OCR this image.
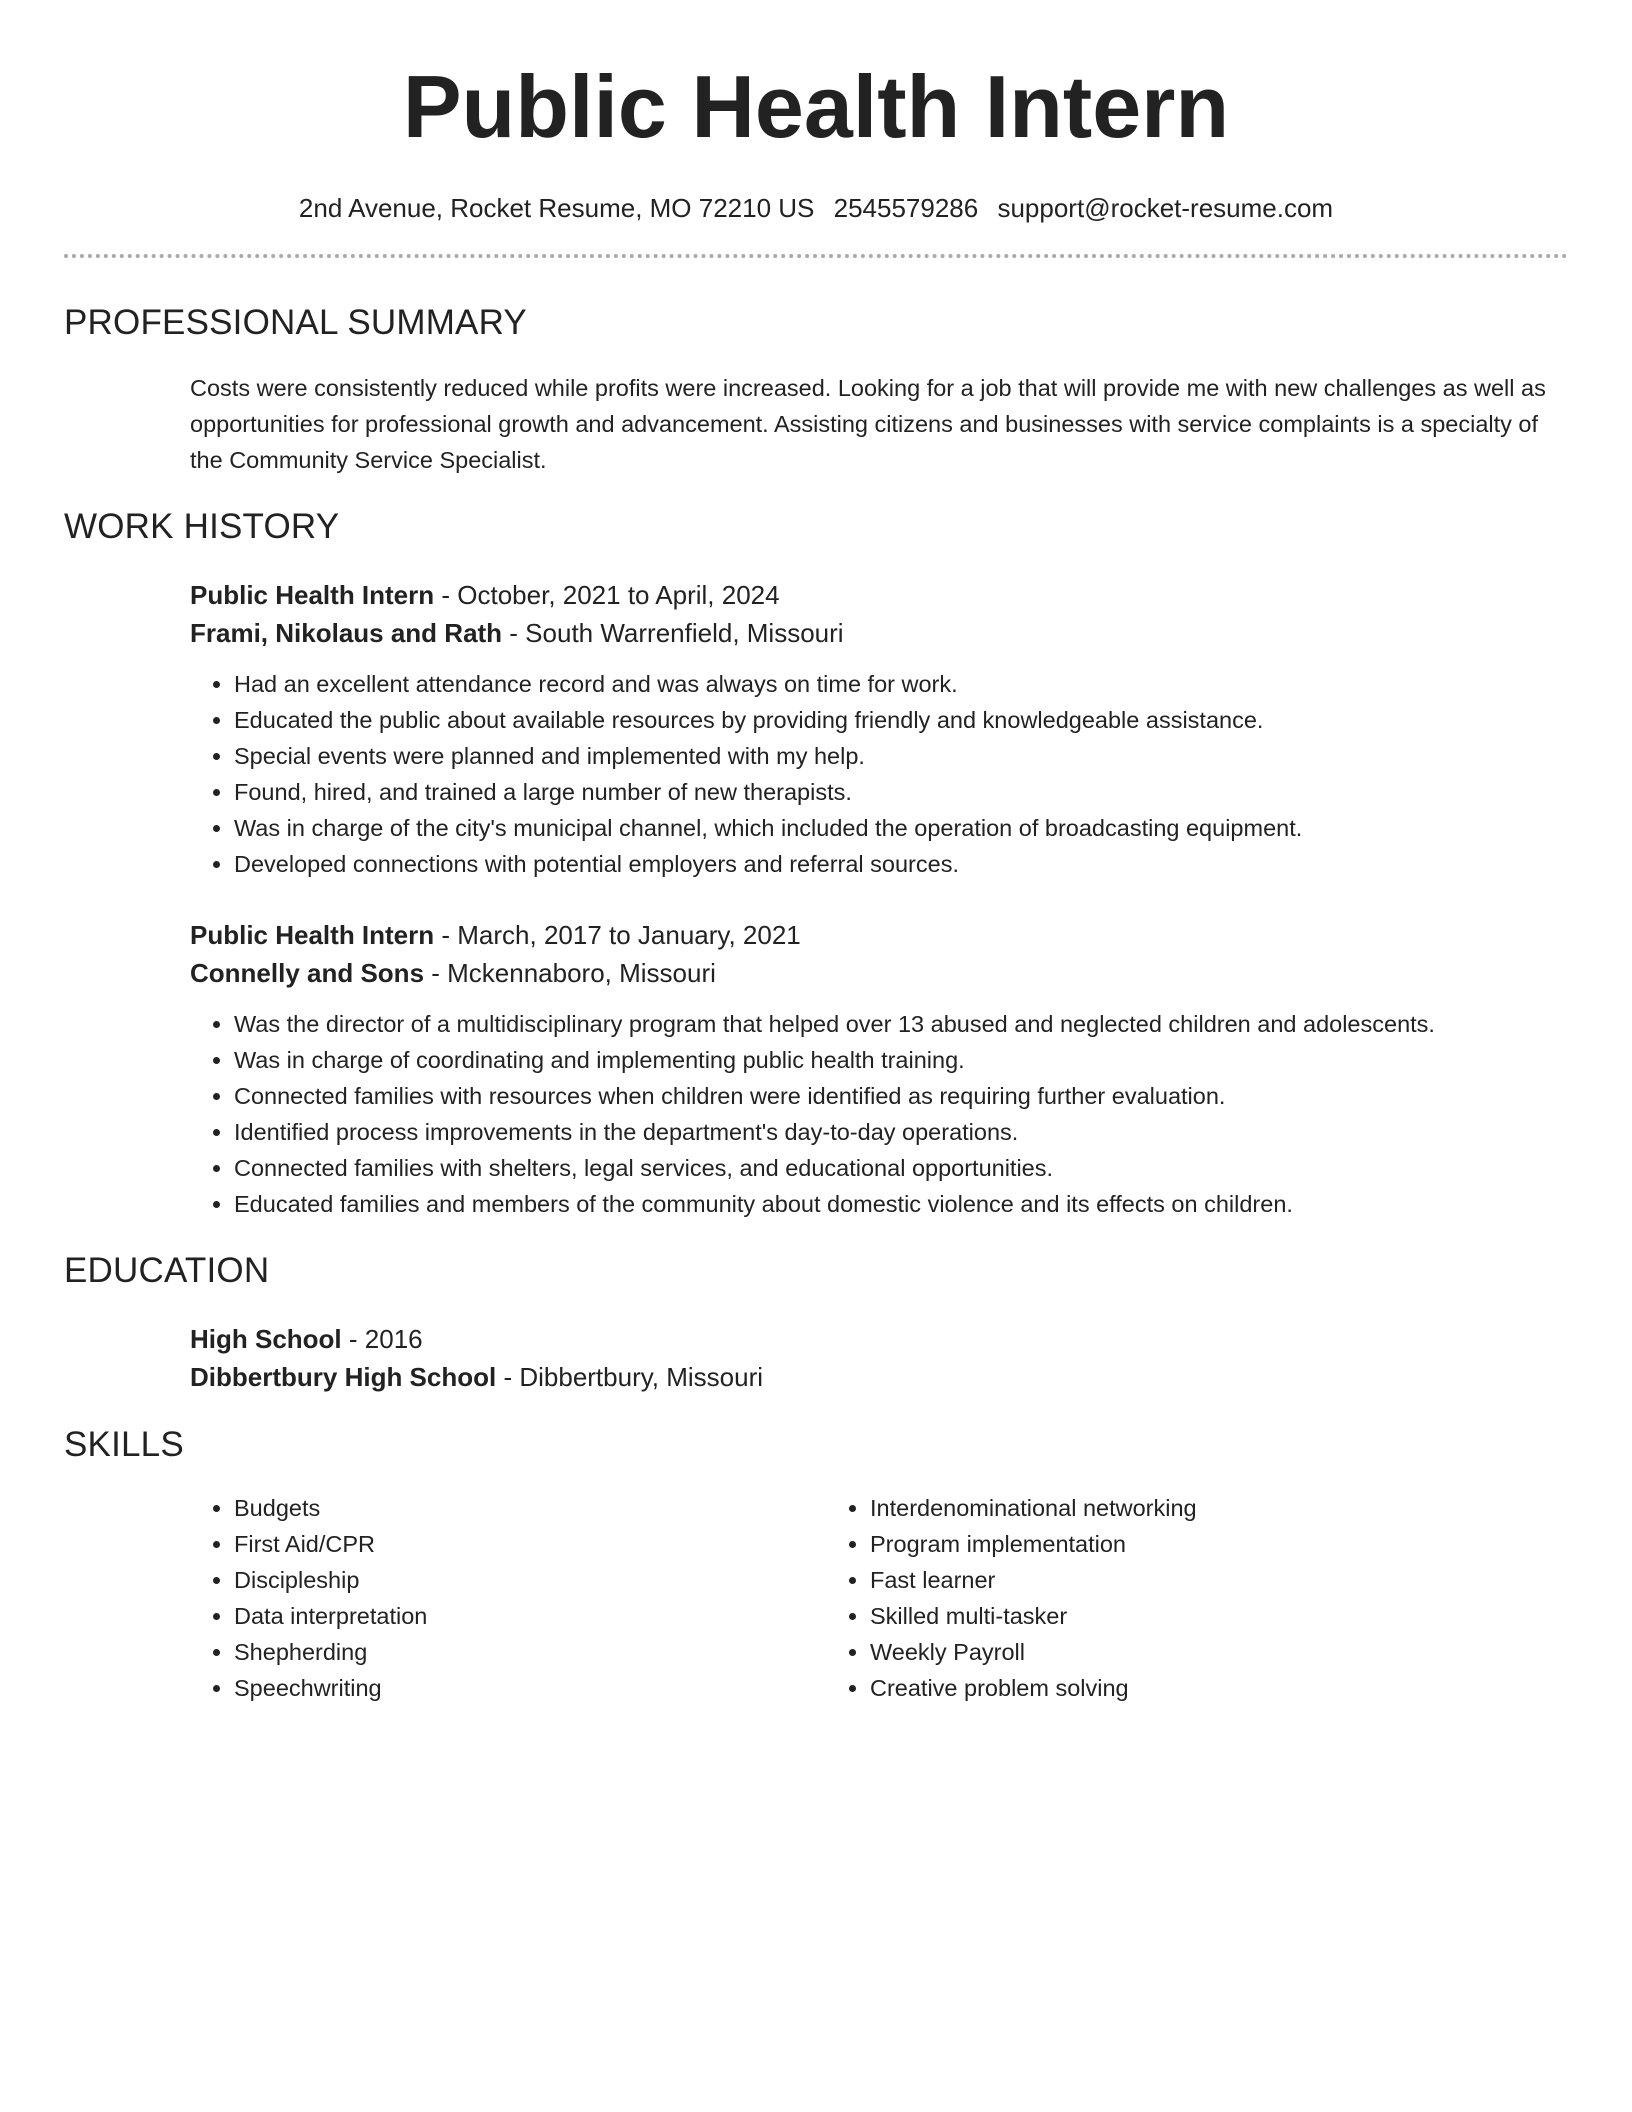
Public Health Intern
2nd Avenue, Rocket Resume, MO 72210 US 2545579286 support@rocket-resume.com
PROFESSIONAL SUMMARY
Costs were consistently reduced while profits were increased. Looking for a job that will provide me with new challenges as well as opportunities for professional growth and advancement. Assisting citizens and businesses with service complaints is a specialty of the Community Service Specialist.
WORK HISTORY
Public Health Intern - October, 2021 to April, 2024
Frami, Nikolaus and Rath - South Warrenfield, Missouri
• Had an excellent attendance record and was always on time for work.
• Educated the public about available resources by providing friendly and knowledgeable assistance.
• Special events were planned and implemented with my help.
• Found, hired, and trained a large number of new therapists.
• Was in charge of the city's municipal channel, which included the operation of broadcasting equipment.
• Developed connections with potential employers and referral sources.
Public Health Intern - March, 2017 to January, 2021
Connelly and Sons - Mckennaboro, Missouri
• Was the director of a multidisciplinary program that helped over 13 abused and neglected children and adolescents.
• Was in charge of coordinating and implementing public health training.
• Connected families with resources when children were identified as requiring further evaluation.
• Identified process improvements in the department's day-to-day operations.
• Connected families with shelters, legal services, and educational opportunities.
• Educated families and members of the community about domestic violence and its effects on children.
EDUCATION
High School - 2016
Dibbertbury High School - Dibbertbury, Missouri
SKILLS
• Budgets
• First Aid/CPR
• Discipleship
• Data interpretation
• Shepherding
• Speechwriting
• Interdenominational networking
• Program implementation
• Fast learner
• Skilled multi-tasker
• Weekly Payroll
• Creative problem solving
